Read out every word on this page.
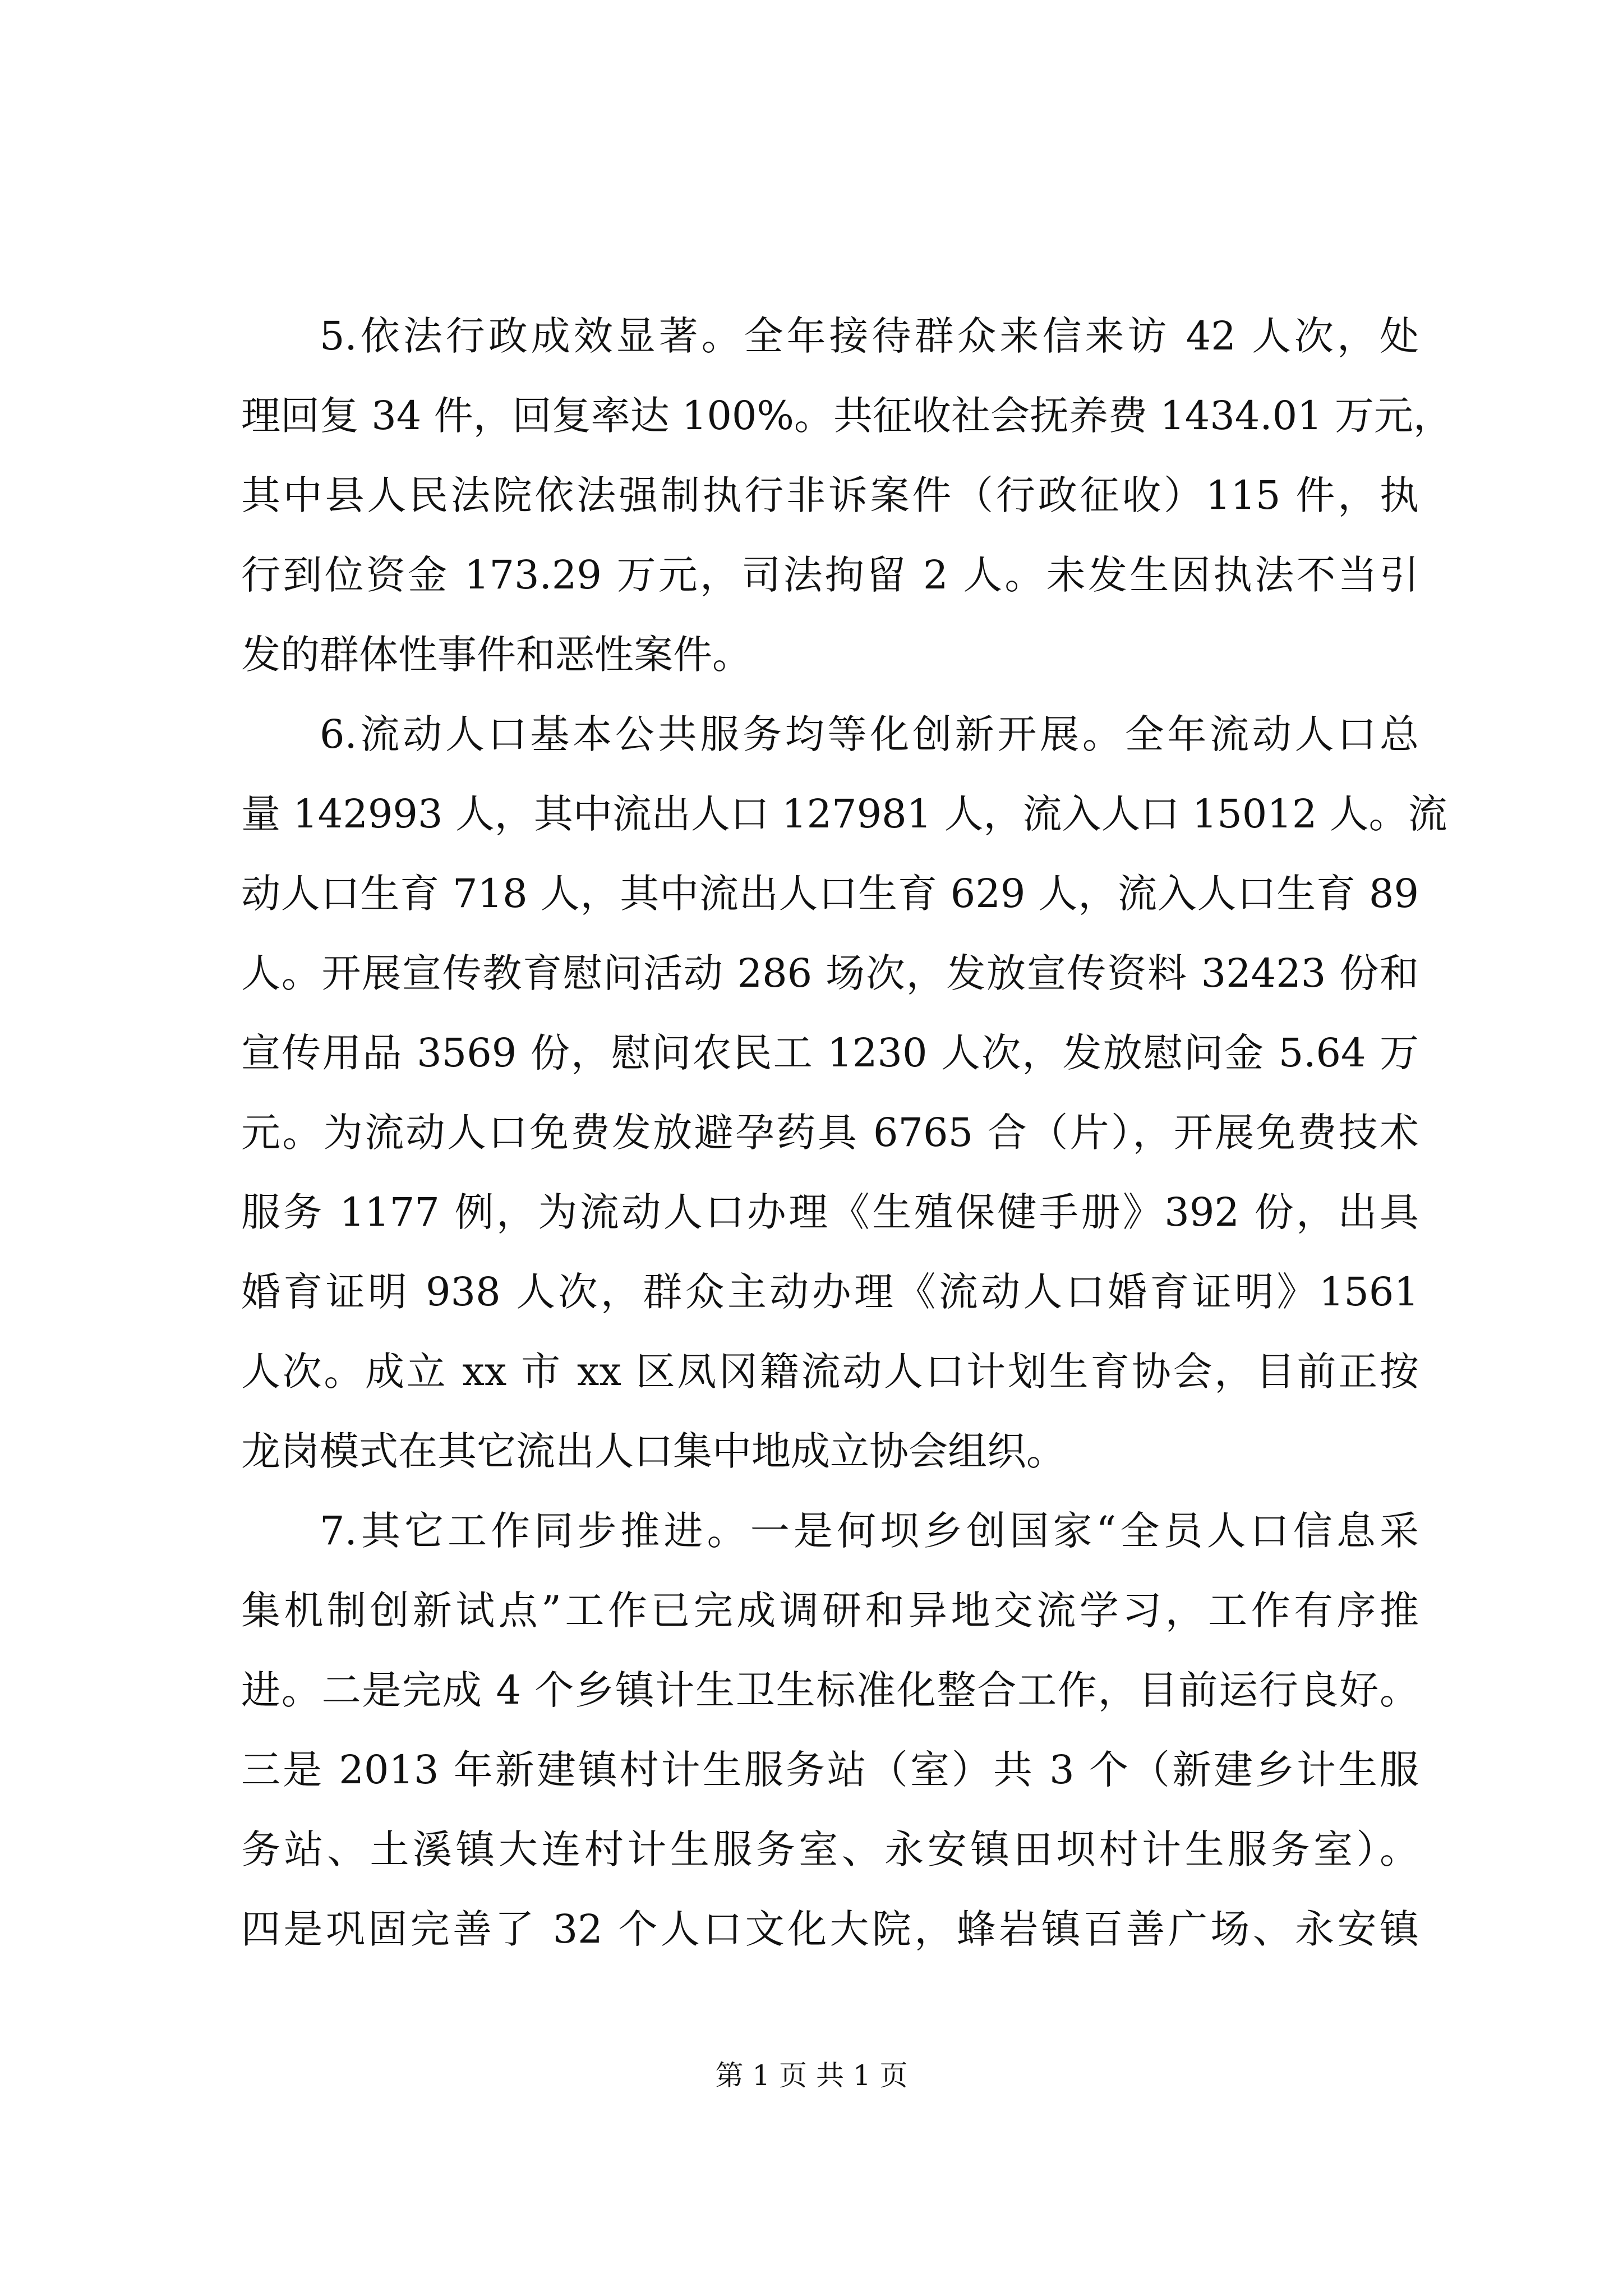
5.依法行政成效显著。全年接待群众来信来访 42 人次，处
理回复 34 件，回复率达 100%。共征收社会抚养费 1434.01 万元，
其中县人民法院依法强制执行非诉案件（行政征收）115 件，执
行到位资金 173.29 万元，司法拘留 2 人。未发生因执法不当引
发的群体性事件和恶性案件。
6.流动人口基本公共服务均等化创新开展。全年流动人口总
量 142993 人，其中流出人口 127981 人，流入人口 15012 人。流
动人口生育 718 人，其中流出人口生育 629 人，流入人口生育 89
人。开展宣传教育慰问活动 286 场次，发放宣传资料 32423 份和
宣传用品 3569 份，慰问农民工 1230 人次，发放慰问金 5.64 万
元。为流动人口免费发放避孕药具 6765 合（片），开展免费技术
服务 1177 例，为流动人口办理《生殖保健手册》392 份，出具
婚育证明 938 人次，群众主动办理《流动人口婚育证明》1561
人次。成立 xx 市 xx 区凤冈籍流动人口计划生育协会，目前正按
龙岗模式在其它流出人口集中地成立协会组织。
7.其它工作同步推进。一是何坝乡创国家“全员人口信息采
集机制创新试点”工作已完成调研和异地交流学习，工作有序推
进。二是完成 4 个乡镇计生卫生标准化整合工作，目前运行良好。
三是 2013 年新建镇村计生服务站（室）共 3 个（新建乡计生服
务站、土溪镇大连村计生服务室、永安镇田坝村计生服务室）。
四是巩固完善了 32 个人口文化大院，蜂岩镇百善广场、永安镇
第 1 页 共 1 页
